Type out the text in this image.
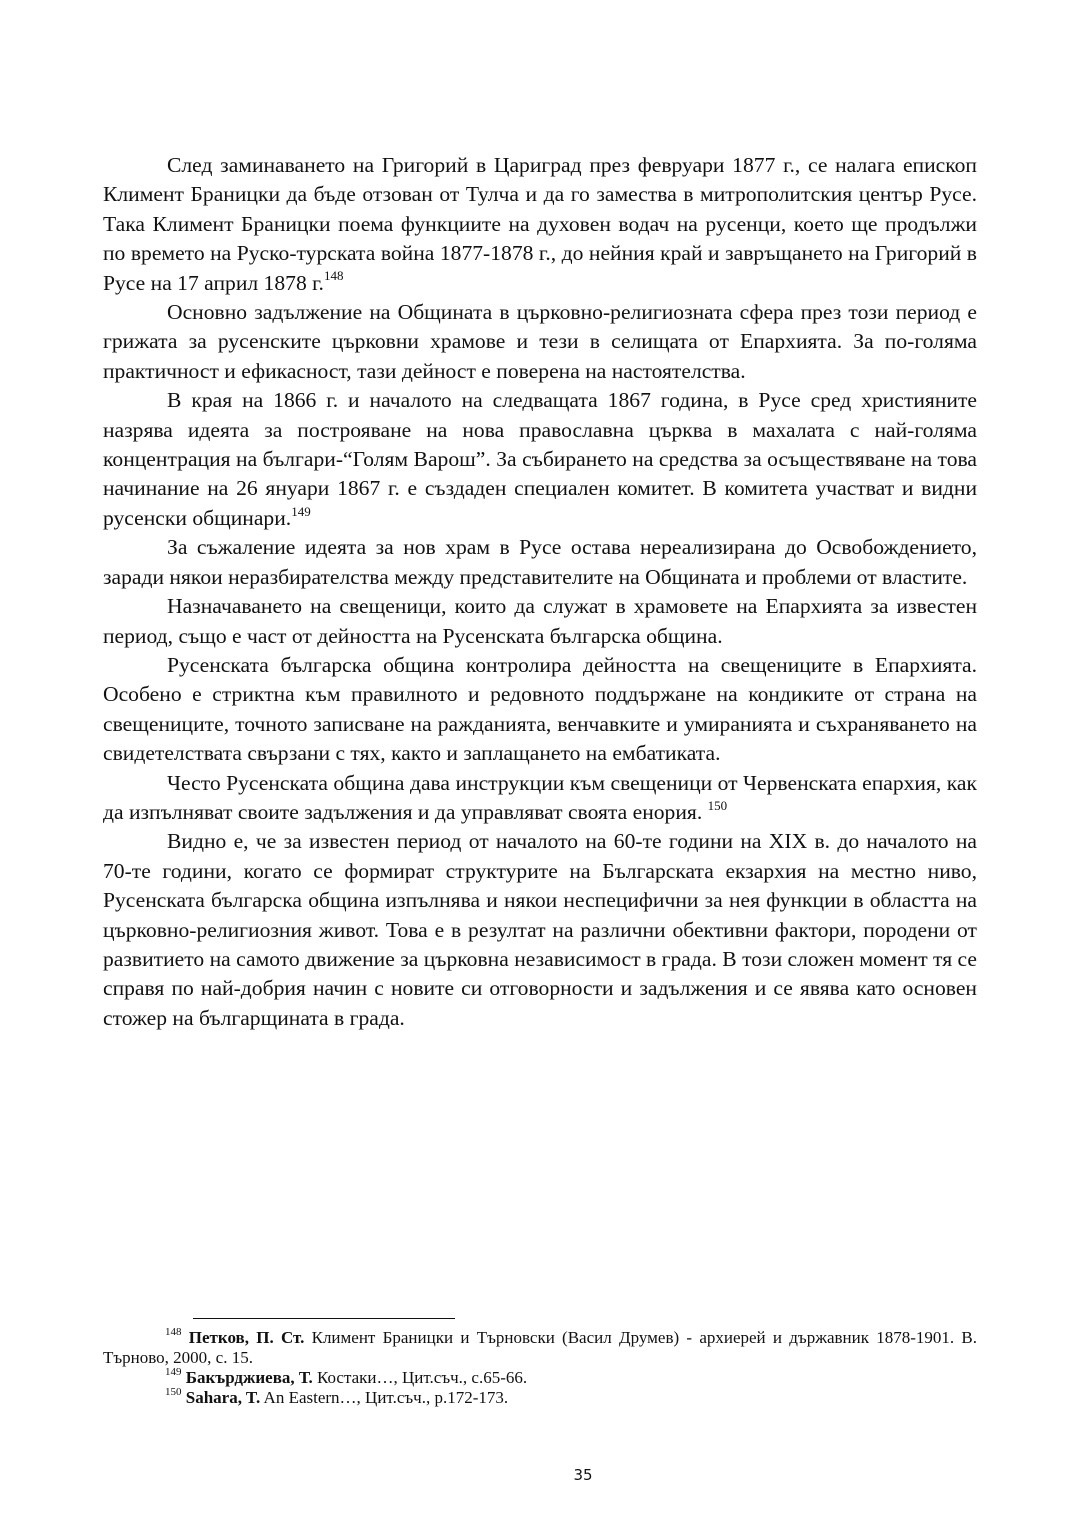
След заминаването на Григорий в Цариград през февруари 1877 г., се налага епископ Климент Браницки да бъде отзован от Тулча и да го замества в митрополитския център Русе. Така Климент Браницки поема функциите на духовен водач на русенци, което ще продължи по времето на Руско-турската война 1877-1878 г., до нейния край и завръщането на Григорий в Русе на 17 април 1878 г.$^{148}$

Основно задължение на Общината в църковно-религиозната сфера през този период е грижата за русенските църковни храмове и тези в селищата от Епархията. За по-голяма практичност и ефикасност, тази дейност е поверена на настоятелства.

В края на 1866 г. и началото на следващата 1867 година, в Русе сред християните назрява идеята за построяване на нова православна църква в махалата с най-голяма концентрация на българи-“Голям Варош”. За събирането на средства за осъществяване на това начинание на 26 януари 1867 г. е създаден специален комитет. В комитета участват и видни русенски общинари.$^{149}$

За съжаление идеята за нов храм в Русе остава нереализирана до Освобождението, заради някои неразбирателства между представителите на Общината и проблеми от властите.

Назначаването на свещеници, които да служат в храмовете на Епархията за известен период, също е част от дейността на Русенската българска община.

Русенската българска община контролира дейността на свещениците в Епархията. Особено е стриктна към правилното и редовното поддържане на кондиките от страна на свещениците, точното записване на ражданията, венчавките и умиранията и съхраняването на свидетелствата свързани с тях, както и заплащането на ембатиката.

Често Русенската община дава инструкции към свещеници от Червенската епархия, как да изпълняват своите задължения и да управляват своята енория. $^{150}$

Видно е, че за известен период от началото на 60-те години на XIX в. до началото на 70-те години, когато се формират структурите на Българската екзархия на местно ниво, Русенската българска община изпълнява и някои неспецифични за нея функции в областта на църковно-религиозния живот. Това е в резултат на различни обективни фактори, породени от развитието на самото движение за църковна независимост в града. В този сложен момент тя се справя по най-добрия начин с новите си отговорности и задължения и се явява като основен стожер на българщината в града.

$^{148}$ Петков, П. Ст. Климент Браницки и Търновски (Васил Друмев) - архиерей и държавник 1878-1901. В. Търново, 2000, с. 15.

$^{149}$ Бакърджиева, Т. Костаки…, Цит.съч., с.65-66.

$^{150}$ Sahara, T. An Eastern…, Цит.съч., p.172-173.

35
